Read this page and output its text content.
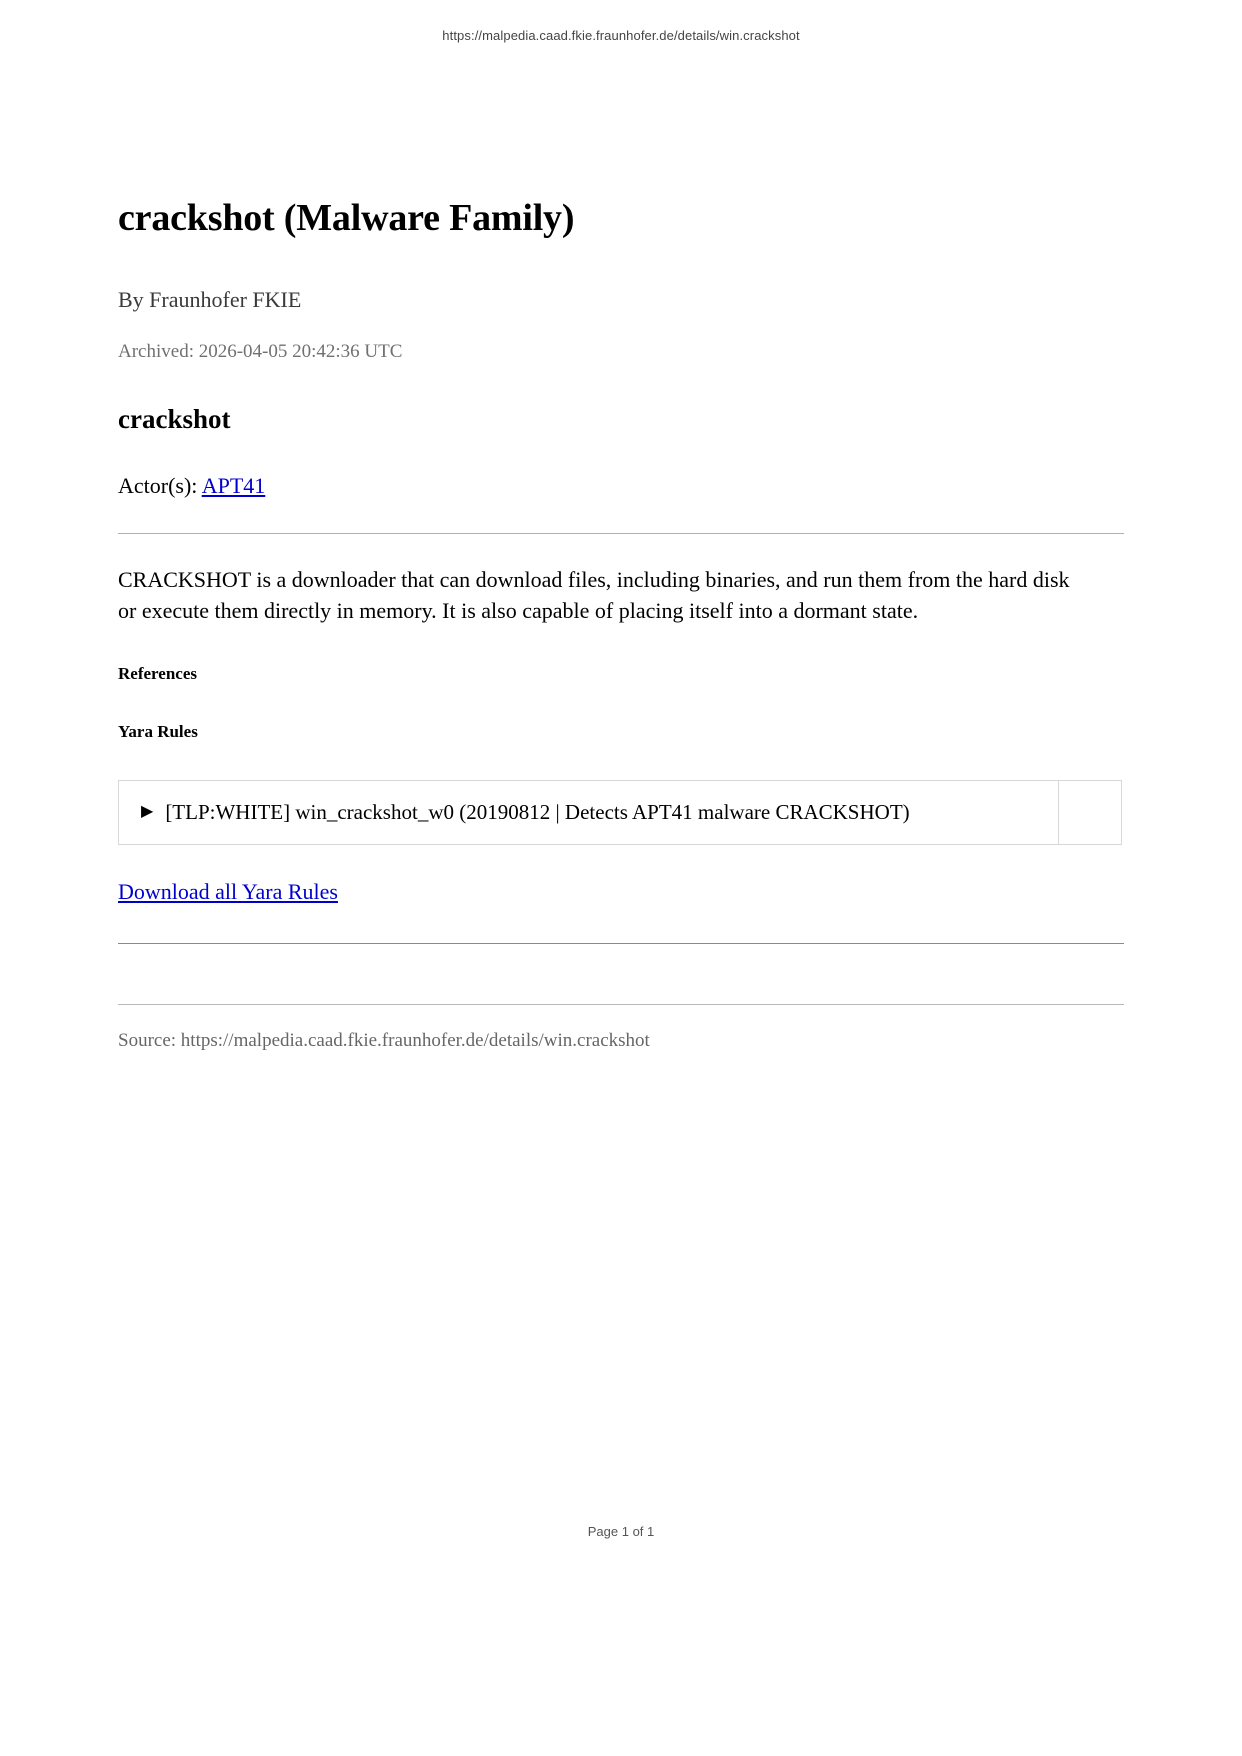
https://malpedia.caad.fkie.fraunhofer.de/details/win.crackshot
crackshot (Malware Family)
By Fraunhofer FKIE
Archived: 2026-04-05 20:42:36 UTC
crackshot
Actor(s): APT41

CRACKSHOT is a downloader that can download files, including binaries, and run them from the hard disk or execute them directly in memory. It is also capable of placing itself into a dormant state.

References
Yara Rules
▶ [TLP:WHITE] win_crackshot_w0 (20190812 | Detects APT41 malware CRACKSHOT)
Download all Yara Rules
Source: https://malpedia.caad.fkie.fraunhofer.de/details/win.crackshot
Page 1 of 1
